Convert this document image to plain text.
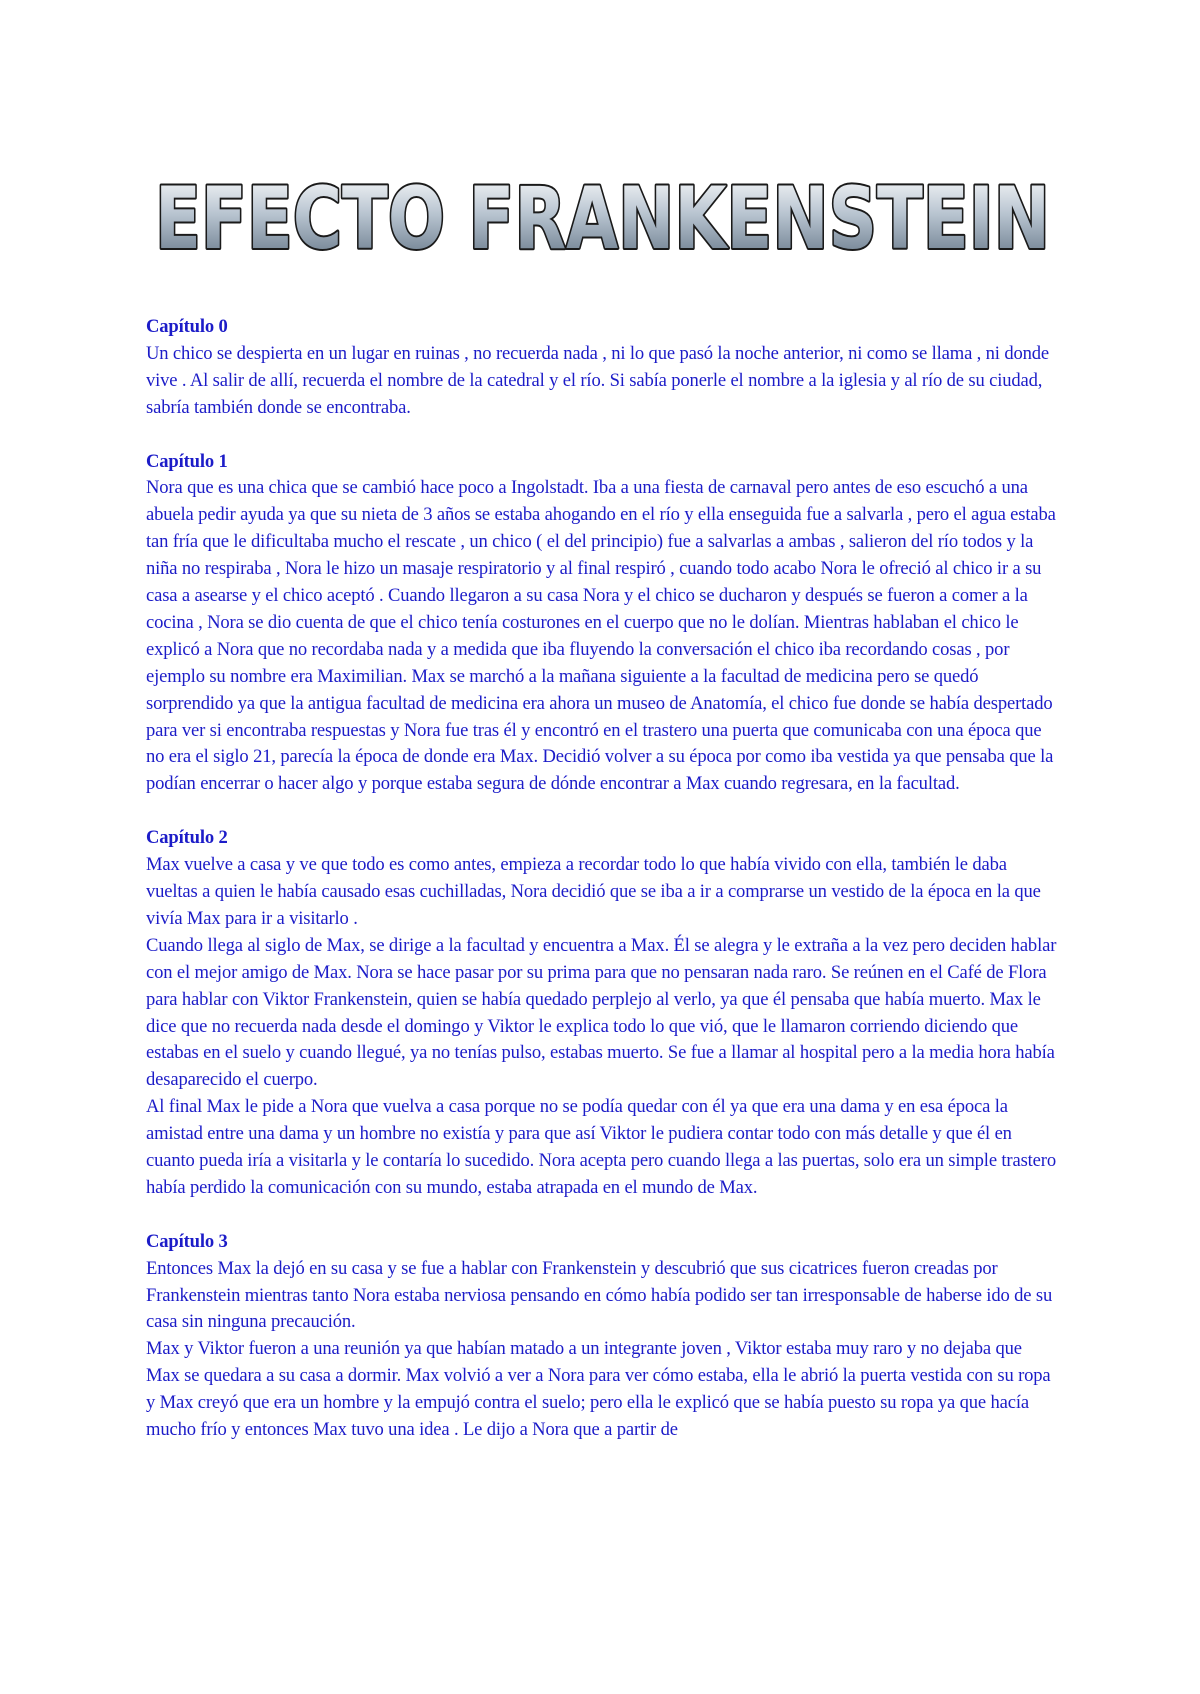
EFECTO FRANKENSTEIN
Capítulo 0

Un chico se despierta en un lugar en ruinas , no recuerda nada , ni lo que pasó la noche anterior, ni como se llama , ni donde vive . Al salir de allí, recuerda el nombre de la catedral y el río. Si sabía ponerle el nombre a la iglesia y al río de su ciudad, sabría también donde se encontraba.

Capítulo 1

Nora que es una chica que se cambió hace poco a Ingolstadt. Iba a una fiesta de carnaval pero antes de eso escuchó a una abuela pedir ayuda ya que su nieta de 3 años se estaba ahogando en el río y ella enseguida fue a salvarla , pero el agua estaba tan fría que le dificultaba mucho el rescate , un chico ( el del principio) fue a salvarlas a ambas , salieron del río todos y la niña no respiraba , Nora le hizo un masaje respiratorio y al final respiró , cuando todo acabo Nora le ofreció al chico ir a su casa a asearse y el chico aceptó . Cuando llegaron a su casa Nora y el chico se ducharon y después se fueron a comer a la cocina , Nora se dio cuenta de que el chico tenía costurones en el cuerpo que no le dolían. Mientras hablaban el chico le explicó a Nora que no recordaba nada y a medida que iba fluyendo la conversación el chico iba recordando cosas , por ejemplo su nombre era Maximilian. Max se marchó a la mañana siguiente a la facultad de medicina pero se quedó sorprendido ya que la antigua facultad de medicina era ahora un museo de Anatomía, el chico fue donde se había despertado para ver si encontraba respuestas y Nora fue tras él y encontró en el trastero una puerta que comunicaba con una época que no era el siglo 21, parecía la época de donde era Max. Decidió volver a su época por como iba vestida ya que pensaba que la podían encerrar o hacer algo y porque estaba segura de dónde encontrar a Max cuando regresara, en la facultad.

Capítulo 2

Max vuelve a casa y ve que todo es como antes, empieza a recordar todo lo que había vivido con ella, también le daba vueltas a quien le había causado esas cuchilladas, Nora decidió que se iba a ir a comprarse un vestido de la época en la que vivía Max para ir a visitarlo .

Cuando llega al siglo de Max, se dirige a la facultad y encuentra a Max. Él se alegra y le extraña a la vez pero deciden hablar con el mejor amigo de Max. Nora se hace pasar por su prima para que no pensaran nada raro. Se reúnen en el Café de Flora para hablar con Viktor Frankenstein, quien se había quedado perplejo al verlo, ya que él pensaba que había muerto. Max le dice que no recuerda nada desde el domingo y Viktor le explica todo lo que vió, que le llamaron corriendo diciendo que estabas en el suelo y cuando llegué, ya no tenías pulso, estabas muerto. Se fue a llamar al hospital pero a la media hora había desaparecido el cuerpo.

Al final Max le pide a Nora que vuelva a casa porque no se podía quedar con él ya que era una dama y en esa época la amistad entre una dama y un hombre no existía y para que así Viktor le pudiera contar todo con más detalle y que él en cuanto pueda iría a visitarla y le contaría lo sucedido. Nora acepta pero cuando llega a las puertas, solo era un simple trastero había perdido la comunicación con su mundo, estaba atrapada en el mundo de Max.

Capítulo 3

Entonces Max la dejó en su casa y se fue a hablar con Frankenstein y descubrió que sus cicatrices fueron creadas por Frankenstein mientras tanto Nora estaba nerviosa pensando en cómo había podido ser tan irresponsable de haberse ido de su casa sin ninguna precaución.

Max y Viktor fueron a una reunión ya que habían matado a un integrante joven , Viktor estaba muy raro y no dejaba que Max se quedara a su casa a dormir. Max volvió a ver a Nora para ver cómo estaba, ella le abrió la puerta vestida con su ropa y Max creyó que era un hombre y la empujó contra el suelo; pero ella le explicó que se había puesto su ropa ya que hacía mucho frío y entonces Max tuvo una idea . Le dijo a Nora que a partir de
